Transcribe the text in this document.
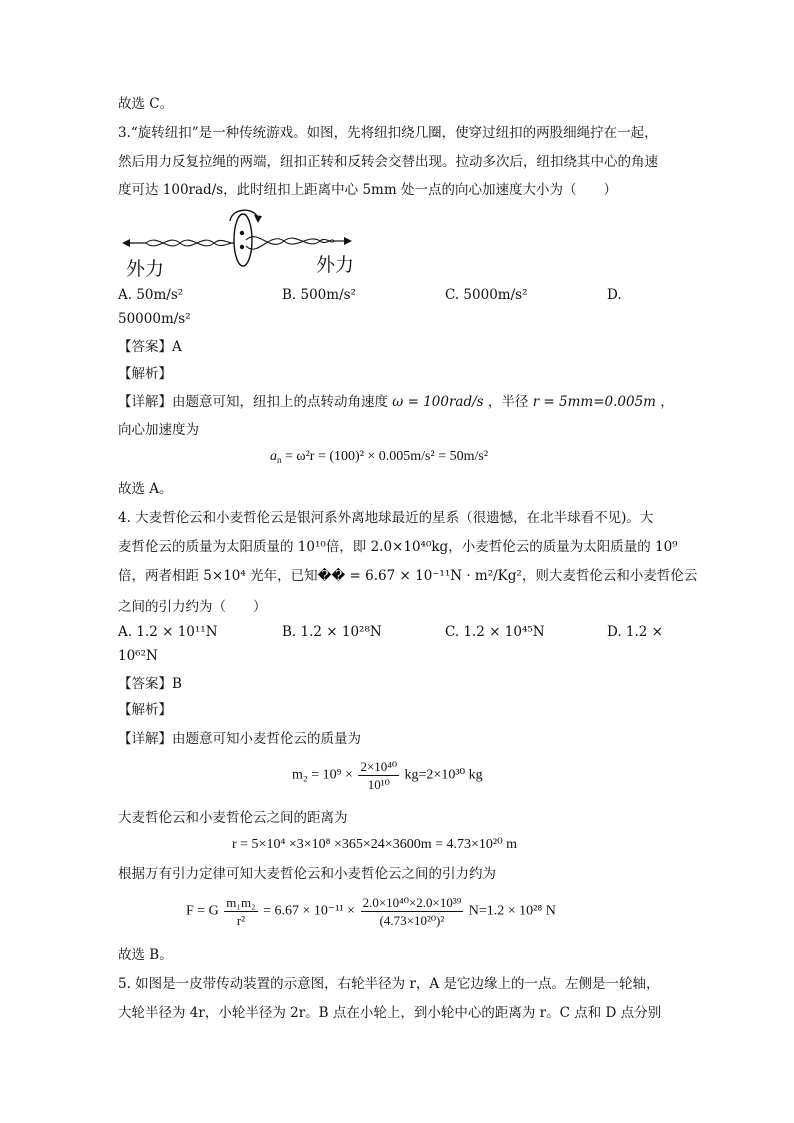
故选 C。
3.“旋转纽扣”是一种传统游戏。如图，先将纽扣绕几圈，使穿过纽扣的两股细绳拧在一起，
然后用力反复拉绳的两端，纽扣正转和反转会交替出现。拉动多次后，纽扣绕其中心的角速
度可达 100rad/s，此时纽扣上距离中心 5mm 处一点的向心加速度大小为（　　）
外力	外力
A. 50m/s²	B. 500m/s²	C. 5000m/s²	D.
50000m/s²
【答案】A
【解析】
【详解】由题意可知，纽扣上的点转动角速度 ω = 100rad/s ，半径 r = 5mm=0.005m ，
向心加速度为
$a_n = \omega^2r = (100)^2 \times 0.005m/s^2 = 50m/s^2$
故选 A。
4. 大麦哲伦云和小麦哲伦云是银河系外离地球最近的星系（很遗憾，在北半球看不见)。大
麦哲伦云的质量为太阳质量的 10¹⁰倍，即 2.0×10⁴⁰kg，小麦哲伦云的质量为太阳质量的 10⁹
倍，两者相距 5×10⁴ 光年，已知�� = 6.67 × 10⁻¹¹N · m²/Kg²，则大麦哲伦云和小麦哲伦云
之间的引力约为（　　）
A. 1.2 × 10¹¹N	B. 1.2 × 10²⁸N	C. 1.2 × 10⁴⁵N	D. 1.2 ×
10⁶²N
【答案】B
【解析】
【详解】由题意可知小麦哲伦云的质量为
$m_2 = 10^9 \times \frac{\text{2×10⁴⁰}}{\text{10¹⁰}} kg=2\times 10^{30}$ kg
大麦哲伦云和小麦哲伦云之间的距离为
r = 5×10⁴ ×3×10⁸ ×365×24×3600m = 4.73×10²⁰ m
根据万有引力定律可知大麦哲伦云和小麦哲伦云之间的引力约为
F = G $\frac{\text{m₁m₂}}{\text{r²}} = 6.67 \times 10^{-11} \times \frac{\text{2.0×10⁴⁰×2.0×10³⁹}}{\text{(4.73×10²⁰)²}} N=1.2 \times 10^{28}$ N
故选 B。
5. 如图是一皮带传动装置的示意图，右轮半径为 r，A 是它边缘上的一点。左侧是一轮轴，
大轮半径为 4r，小轮半径为 2r。B 点在小轮上，到小轮中心的距离为 r。C 点和 D 点分别
